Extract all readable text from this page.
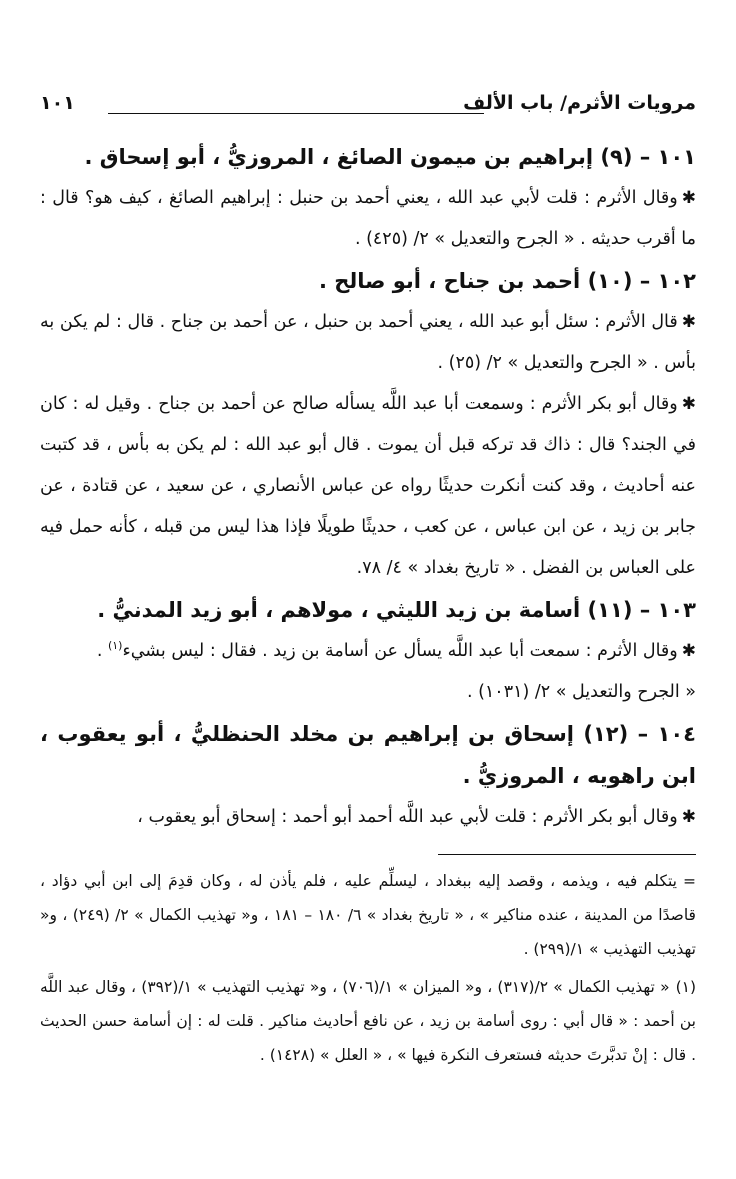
مرويات الأثرم/ باب الألف
١٠١

١٠١ – (٩) إبراهيم بن ميمون الصائغ ، المروزيُّ ، أبو إسحاق .

✱وقال الأثرم : قلت لأبي عبد الله ، يعني أحمد بن حنبل : إبراهيم الصائغ ، كيف هو؟ قال : ما أقرب حديثه . « الجرح والتعديل » ٢/ (٤٢٥) .

١٠٢ – (١٠) أحمد بن جناح ، أبو صالح .

✱قال الأثرم : سئل أبو عبد الله ، يعني أحمد بن حنبل ، عن أحمد بن جناح . قال : لم يكن به بأس . « الجرح والتعديل » ٢/ (٢٥) .

✱وقال أبو بكر الأثرم : وسمعت أبا عبد اللَّه يسأله صالح عن أحمد بن جناح . وقيل له : كان في الجند؟ قال : ذاك قد تركه قبل أن يموت . قال أبو عبد الله : لم يكن به بأس ، قد كتبت عنه أحاديث ، وقد كنت أنكرت حديثًا رواه عن عباس الأنصاري ، عن سعيد ، عن قتادة ، عن جابر بن زيد ، عن ابن عباس ، عن كعب ، حديثًا طويلًا فإذا هذا ليس من قبله ، كأنه حمل فيه على العباس بن الفضل . « تاريخ بغداد » ٤/ ٧٨.

١٠٣ – (١١) أسامة بن زيد الليثي ، مولاهم ، أبو زيد المدنيُّ .

✱وقال الأثرم : سمعت أبا عبد اللَّه يسأل عن أسامة بن زيد . فقال : ليس بشيء$^{(١)}$ .

« الجرح والتعديل » ٢/ (١٠٣١) .

١٠٤ – (١٢) إسحاق بن إبراهيم بن مخلد الحنظليُّ ، أبو يعقوب ، ابن راهويه ، المروزيُّ .

✱وقال أبو بكر الأثرم : قلت لأبي عبد اللَّه أحمد أبو أحمد : إسحاق أبو يعقوب ،

=يتكلم فيه ، ويذمه ، وقصد إليه ببغداد ، ليسلِّم عليه ، فلم يأذن له ، وكان قدِمَ إلى ابن أبي دؤاد ، قاصدًا من المدينة ، عنده مناكير » ، « تاريخ بغداد » ٦/ ١٨٠ – ١٨١ ، و« تهذيب الكمال » ٢/ (٢٤٩) ، و« تهذيب التهذيب » ١/(٢٩٩) .

(١)« تهذيب الكمال » ٢/(٣١٧) ، و« الميزان » ١/(٧٠٦) ، و« تهذيب التهذيب » ١/(٣٩٢) ، وقال عبد اللَّه بن أحمد : « قال أبي : روى أسامة بن زيد ، عن نافع أحاديث مناكير . قلت له : إن أسامة حسن الحديث . قال : إنْ تدبَّرتَ حديثه فستعرف النكرة فيها » ، « العلل » (١٤٢٨) .
